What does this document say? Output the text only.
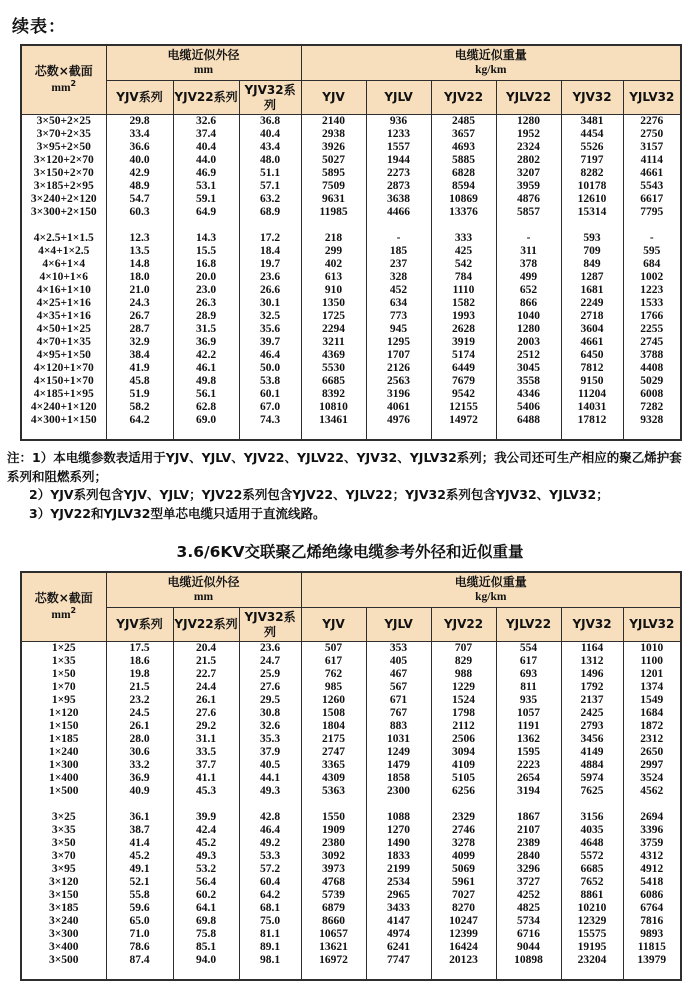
续表：
芯数×截面
$mm^2$	电缆近似外径
mm			电缆近似重量
kg/km					
	YJV系列	YJV22系列	YJV32系列	YJV	YJLV	YJV22	YJLV22	YJV32	YJLV32
3×50+2×25	29.8	32.6	36.8	2140	936	2485	1280	3481	2276
3×70+2×35	33.4	37.4	40.4	2938	1233	3657	1952	4454	2750
3×95+2×50	36.6	40.4	43.4	3926	1557	4693	2324	5526	3157
3×120+2×70	40.0	44.0	48.0	5027	1944	5885	2802	7197	4114
3×150+2×70	42.9	46.9	51.1	5895	2273	6828	3207	8282	4661
3×185+2×95	48.9	53.1	57.1	7509	2873	8594	3959	10178	5543
3×240+2×120	54.7	59.1	63.2	9631	3638	10869	4876	12610	6617
3×300+2×150	60.3	64.9	68.9	11985	4466	13376	5857	15314	7795

4×2.5+1×1.5	12.3	14.3	17.2	218	-	333	-	593	-
4×4+1×2.5	13.5	15.5	18.4	299	185	425	311	709	595
4×6+1×4	14.8	16.8	19.7	402	237	542	378	849	684
4×10+1×6	18.0	20.0	23.6	613	328	784	499	1287	1002
4×16+1×10	21.0	23.0	26.6	910	452	1110	652	1681	1223
4×25+1×16	24.3	26.3	30.1	1350	634	1582	866	2249	1533
4×35+1×16	26.7	28.9	32.5	1725	773	1993	1040	2718	1766
4×50+1×25	28.7	31.5	35.6	2294	945	2628	1280	3604	2255
4×70+1×35	32.9	36.9	39.7	3211	1295	3919	2003	4661	2745
4×95+1×50	38.4	42.2	46.4	4369	1707	5174	2512	6450	3788
4×120+1×70	41.9	46.1	50.0	5530	2126	6449	3045	7812	4408
4×150+1×70	45.8	49.8	53.8	6685	2563	7679	3558	9150	5029
4×185+1×95	51.9	56.1	60.1	8392	3196	9542	4346	11204	6008
4×240+1×120	58.2	62.8	67.0	10810	4061	12155	5406	14031	7282
4×300+1×150	64.2	69.0	74.3	13461	4976	14972	6488	17812	9328

注：1）本电缆参数表适用于YJV、YJLV、YJV22、YJLV22、YJV32、YJLV32系列；我公司还可生产相应的聚乙烯护套系列和阻燃系列；

2）YJV系列包含YJV、YJLV；YJV22系列包含YJV22、YJLV22；YJV32系列包含YJV32、YJLV32；

3）YJV22和YJLV32型单芯电缆只适用于直流线路。

3.6/6KV交联聚乙烯绝缘电缆参考外径和近似重量
芯数×截面
$mm^2$	电缆近似外径
mm			电缆近似重量
kg/km					
	YJV系列	YJV22系列	YJV32系列	YJV	YJLV	YJV22	YJLV22	YJV32	YJLV32
1×25	17.5	20.4	23.6	507	353	707	554	1164	1010
1×35	18.6	21.5	24.7	617	405	829	617	1312	1100
1×50	19.8	22.7	25.9	762	467	988	693	1496	1201
1×70	21.5	24.4	27.6	985	567	1229	811	1792	1374
1×95	23.2	26.1	29.5	1260	671	1524	935	2137	1549
1×120	24.5	27.6	30.8	1508	767	1798	1057	2425	1684
1×150	26.1	29.2	32.6	1804	883	2112	1191	2793	1872
1×185	28.0	31.1	35.3	2175	1031	2506	1362	3456	2312
1×240	30.6	33.5	37.9	2747	1249	3094	1595	4149	2650
1×300	33.2	37.7	40.5	3365	1479	4109	2223	4884	2997
1×400	36.9	41.1	44.1	4309	1858	5105	2654	5974	3524
1×500	40.9	45.3	49.3	5363	2300	6256	3194	7625	4562

3×25	36.1	39.9	42.8	1550	1088	2329	1867	3156	2694
3×35	38.7	42.4	46.4	1909	1270	2746	2107	4035	3396
3×50	41.4	45.2	49.2	2380	1490	3278	2389	4648	3759
3×70	45.2	49.3	53.3	3092	1833	4099	2840	5572	4312
3×95	49.1	53.2	57.2	3973	2199	5069	3296	6685	4912
3×120	52.1	56.4	60.4	4768	2534	5961	3727	7652	5418
3×150	55.8	60.2	64.2	5739	2965	7027	4252	8861	6086
3×185	59.6	64.1	68.1	6879	3433	8270	4825	10210	6764
3×240	65.0	69.8	75.0	8660	4147	10247	5734	12329	7816
3×300	71.0	75.8	81.1	10657	4974	12399	6716	15575	9893
3×400	78.6	85.1	89.1	13621	6241	16424	9044	19195	11815
3×500	87.4	94.0	98.1	16972	7747	20123	10898	23204	13979
